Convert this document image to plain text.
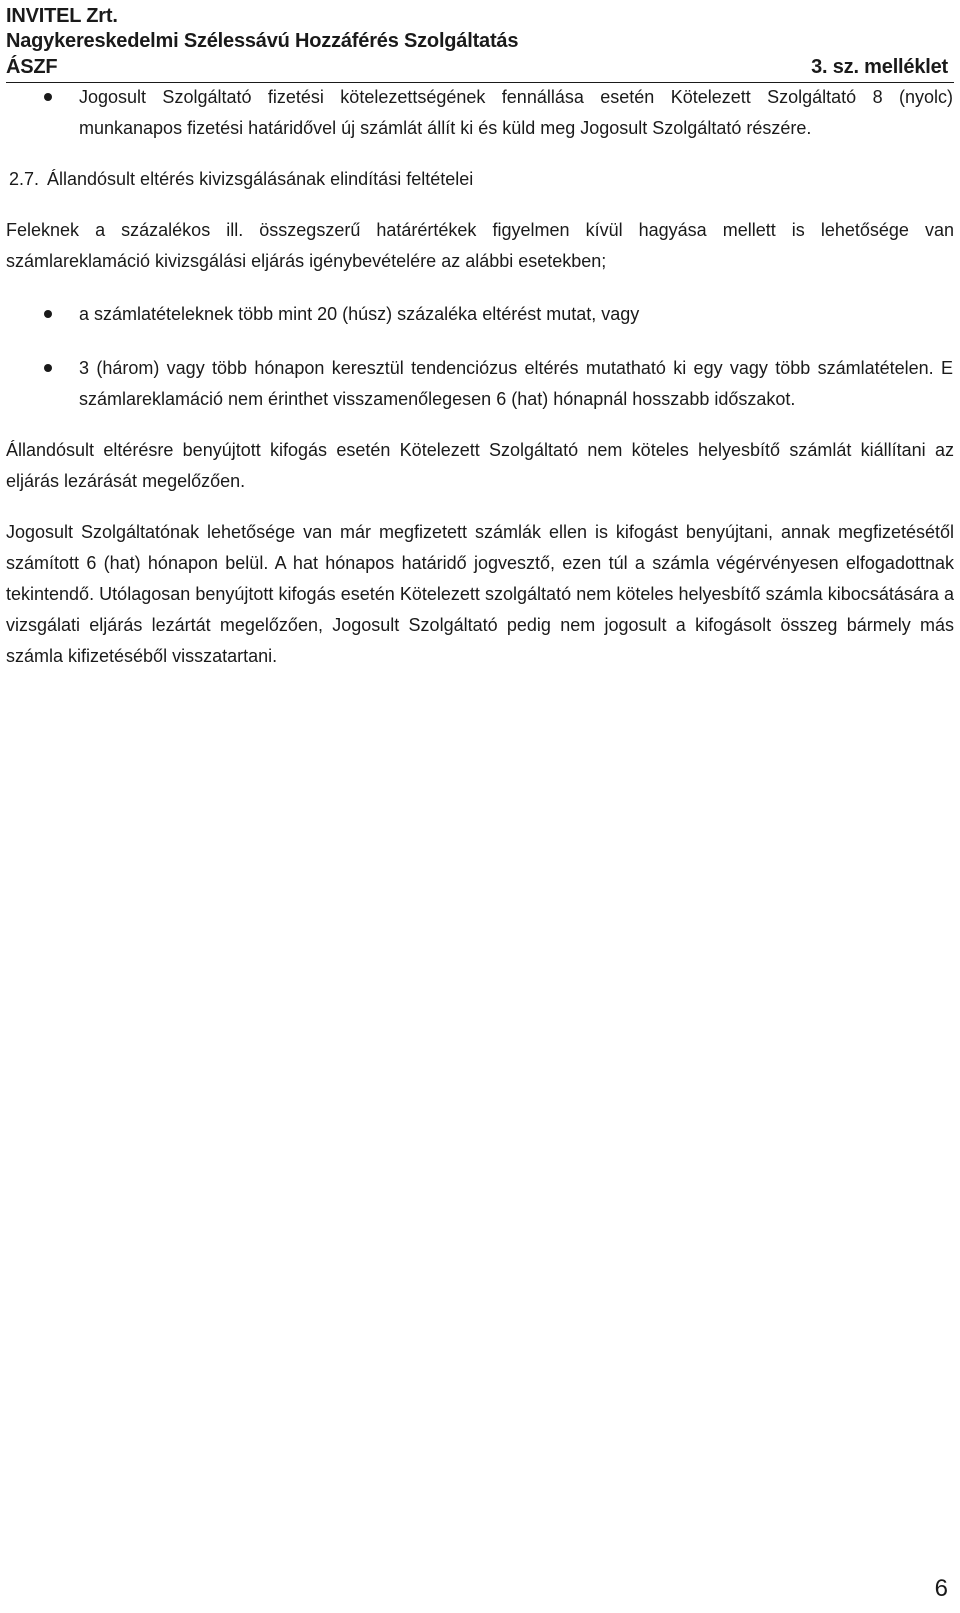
INVITEL Zrt.
Nagykereskedelmi Szélessávú Hozzáférés Szolgáltatás
ÁSZF	3. sz. melléklet

Jogosult Szolgáltató fizetési kötelezettségének fennállása esetén Kötelezett Szolgáltató 8 (nyolc) munkanapos fizetési határidővel új számlát állít ki és küld meg Jogosult Szolgáltató részére.

2.7. Állandósult eltérés kivizsgálásának elindítási feltételei

Feleknek a százalékos ill. összegszerű határértékek figyelmen kívül hagyása mellett is lehetősége van számlareklamáció kivizsgálási eljárás igénybevételére az alábbi esetekben;

a számlatételeknek több mint 20 (húsz) százaléka eltérést mutat, vagy

3 (három) vagy több hónapon keresztül tendenciózus eltérés mutatható ki egy vagy több számlatételen. E számlareklamáció nem érinthet visszamenőlegesen 6 (hat) hónapnál hosszabb időszakot.

Állandósult eltérésre benyújtott kifogás esetén Kötelezett Szolgáltató nem köteles helyesbítő számlát kiállítani az eljárás lezárását megelőzően.

Jogosult Szolgáltatónak lehetősége van már megfizetett számlák ellen is kifogást benyújtani, annak megfizetésétől számított 6 (hat) hónapon belül. A hat hónapos határidő jogvesztő, ezen túl a számla végérvényesen elfogadottnak tekintendő. Utólagosan benyújtott kifogás esetén Kötelezett szolgáltató nem köteles helyesbítő számla kibocsátására a vizsgálati eljárás lezártát megelőzően, Jogosult Szolgáltató pedig nem jogosult a kifogásolt összeg bármely más számla kifizetéséből visszatartani.

6
